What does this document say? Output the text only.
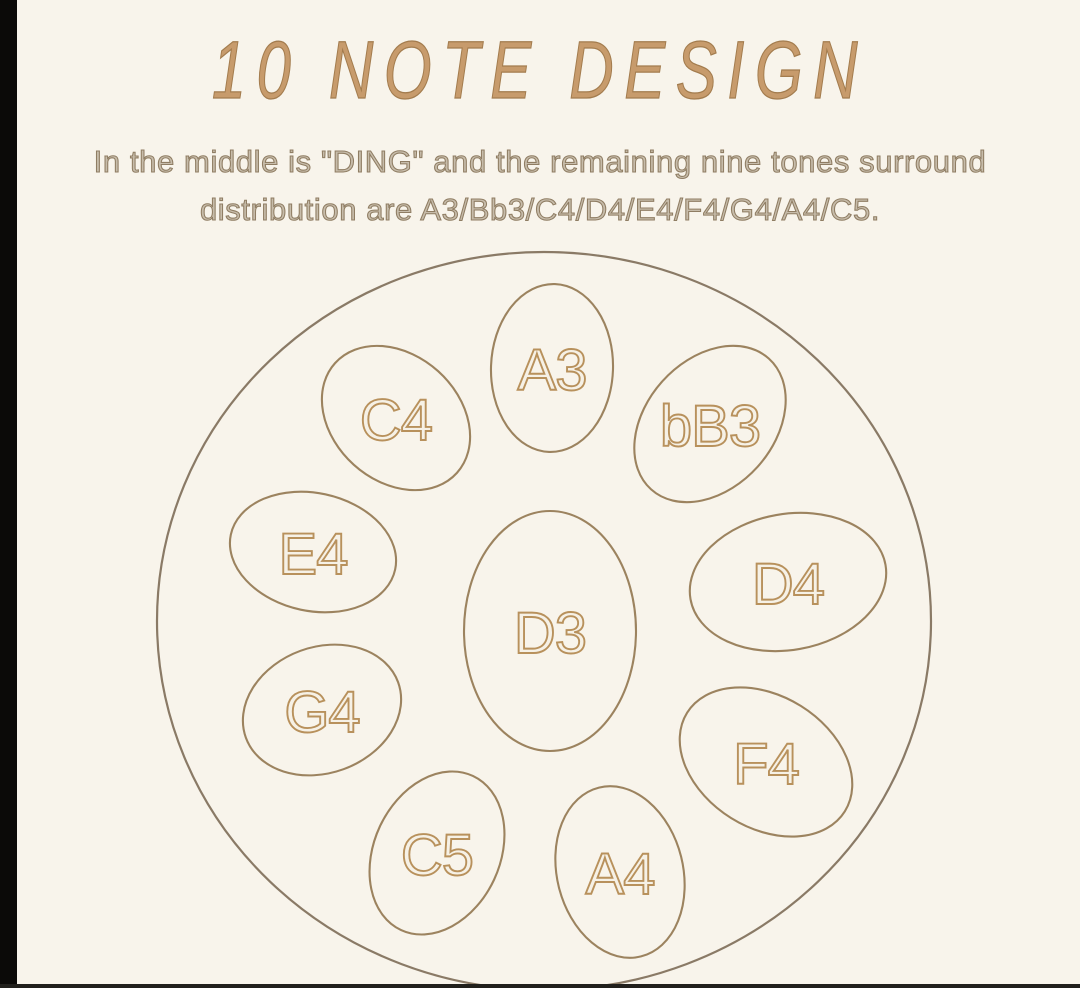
10 NOTE DESIGN
In the middle is "DING" and the remaining nine tones surround
distribution are A3/Bb3/C4/D4/E4/F4/G4/A4/C5.
D3
A3
bB3
D4
F4
A4
C5
G4
E4
C4
